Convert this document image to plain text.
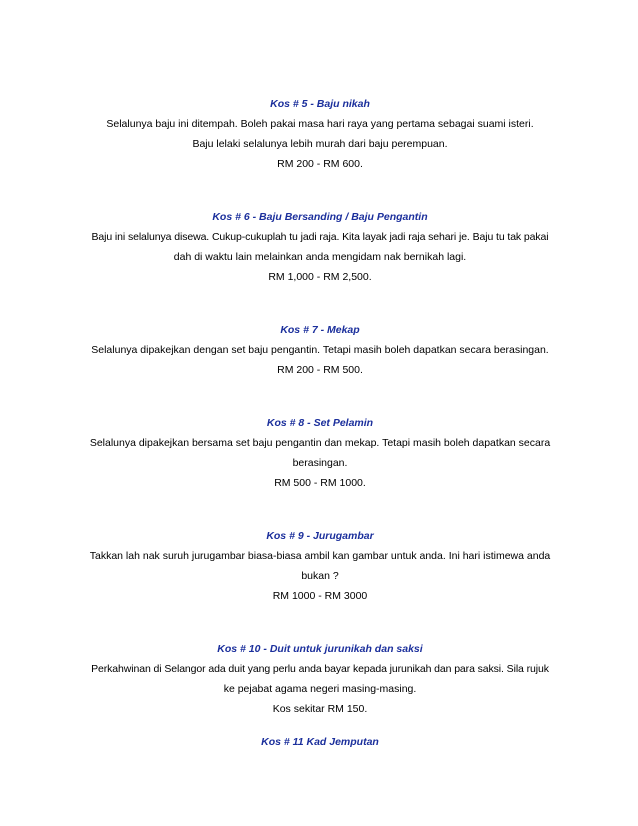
Kos # 5 - Baju nikah

Selalunya baju ini ditempah. Boleh pakai masa hari raya yang pertama sebagai suami isteri.
Baju lelaki selalunya lebih murah dari baju perempuan.
RM 200 - RM 600.

Kos # 6 - Baju Bersanding / Baju Pengantin

Baju ini selalunya disewa. Cukup-cukuplah tu jadi raja. Kita layak jadi raja sehari je. Baju tu tak pakai
dah di waktu lain melainkan anda mengidam nak bernikah lagi.
RM 1,000 - RM 2,500.

Kos # 7 - Mekap

Selalunya dipakejkan dengan set baju pengantin. Tetapi masih boleh dapatkan secara berasingan.
RM 200 - RM 500.

Kos # 8 - Set Pelamin

Selalunya dipakejkan bersama set baju pengantin dan mekap. Tetapi masih boleh dapatkan secara
berasingan.
RM 500 - RM 1000.

Kos # 9 - Jurugambar

Takkan lah nak suruh jurugambar biasa-biasa ambil kan gambar untuk anda. Ini hari istimewa anda
bukan ?
RM 1000 - RM 3000

Kos # 10 - Duit untuk jurunikah dan saksi

Perkahwinan di Selangor ada duit yang perlu anda bayar kepada jurunikah dan para saksi. Sila rujuk
ke pejabat agama negeri masing-masing.
Kos sekitar RM 150.

Kos # 11 Kad Jemputan
